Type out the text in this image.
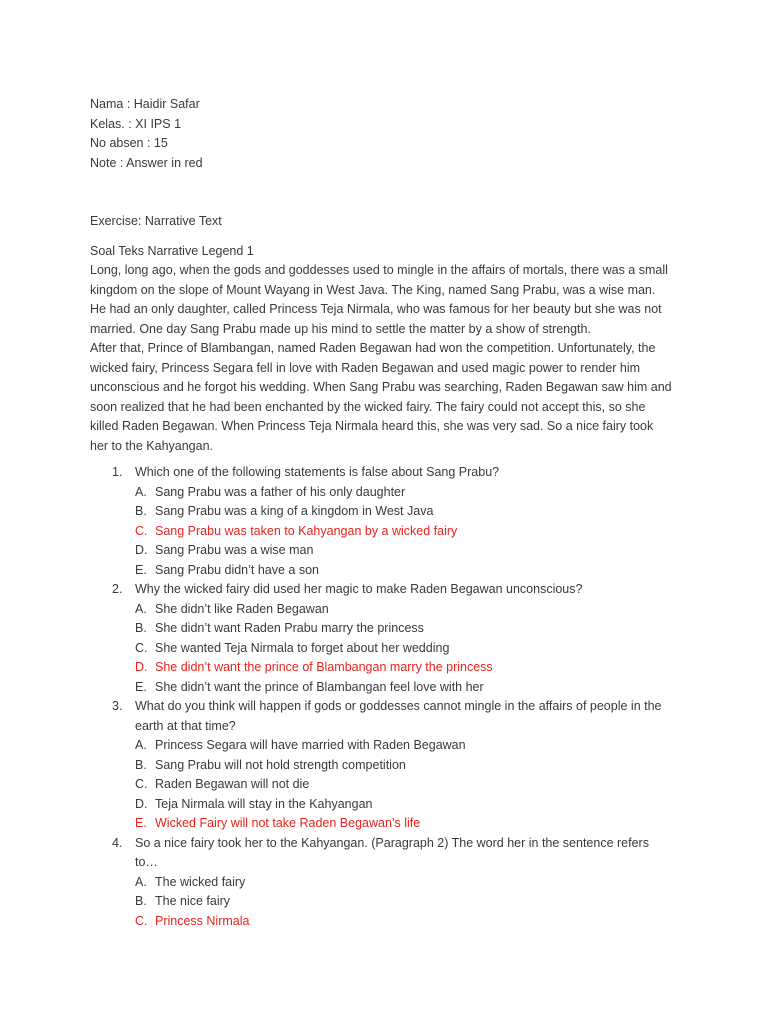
Nama : Haidir Safar
Kelas. : XI IPS 1
No absen : 15
Note : Answer in red
Exercise: Narrative Text
Soal Teks Narrative Legend 1
Long, long ago, when the gods and goddesses used to mingle in the affairs of mortals, there was a small
kingdom on the slope of Mount Wayang in West Java. The King, named Sang Prabu, was a wise man.
He had an only daughter, called Princess Teja Nirmala, who was famous for her beauty but she was not
married. One day Sang Prabu made up his mind to settle the matter by a show of strength.
After that, Prince of Blambangan, named Raden Begawan had won the competition. Unfortunately, the
wicked fairy, Princess Segara fell in love with Raden Begawan and used magic power to render him
unconscious and he forgot his wedding. When Sang Prabu was searching, Raden Begawan saw him and
soon realized that he had been enchanted by the wicked fairy. The fairy could not accept this, so she
killed Raden Begawan. When Princess Teja Nirmala heard this, she was very sad. So a nice fairy took
her to the Kahyangan.
1. Which one of the following statements is false about Sang Prabu?
A. Sang Prabu was a father of his only daughter
B. Sang Prabu was a king of a kingdom in West Java
C. Sang Prabu was taken to Kahyangan by a wicked fairy
D. Sang Prabu was a wise man
E. Sang Prabu didn’t have a son
2. Why the wicked fairy did used her magic to make Raden Begawan unconscious?
A. She didn’t like Raden Begawan
B. She didn’t want Raden Prabu marry the princess
C. She wanted Teja Nirmala to forget about her wedding
D. She didn’t want the prince of Blambangan marry the princess
E. She didn’t want the prince of Blambangan feel love with her
3. What do you think will happen if gods or goddesses cannot mingle in the affairs of people in the
earth at that time?
A. Princess Segara will have married with Raden Begawan
B. Sang Prabu will not hold strength competition
C. Raden Begawan will not die
D. Teja Nirmala will stay in the Kahyangan
E. Wicked Fairy will not take Raden Begawan’s life
4. So a nice fairy took her to the Kahyangan. (Paragraph 2) The word her in the sentence refers
to…
A. The wicked fairy
B. The nice fairy
C. Princess Nirmala
